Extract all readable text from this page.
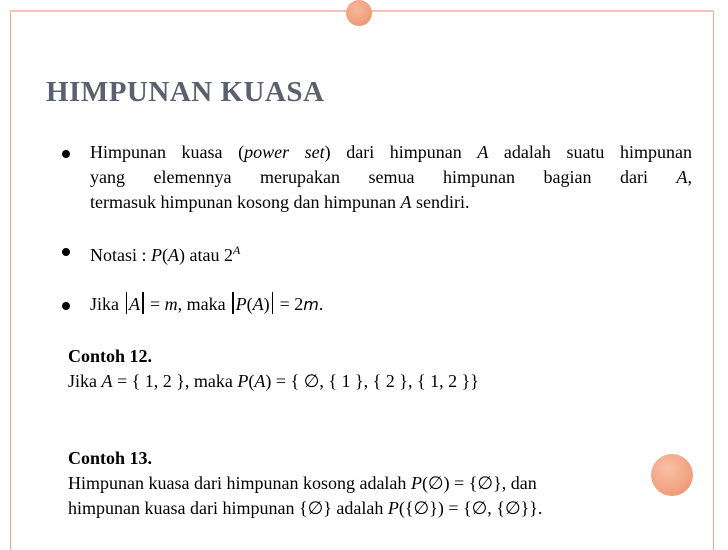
HIMPUNAN KUASA

Himpunan kuasa (power set) dari himpunan A adalah suatu himpunan

yang elemennya merupakan semua himpunan bagian dari A,

termasuk himpunan kosong dan himpunan A sendiri.

Notasi : P(A) atau $2^A$
Jika A = m, maka P(A) = 2m.
Contoh 12.
Jika A = { 1, 2 }, maka P(A) = { ∅, { 1 }, { 2 }, { 1, 2 }}
Contoh 13.
Himpunan kuasa dari himpunan kosong adalah P(∅) = {∅}, dan
himpunan kuasa dari himpunan {∅} adalah P({∅}) = {∅, {∅}}.
